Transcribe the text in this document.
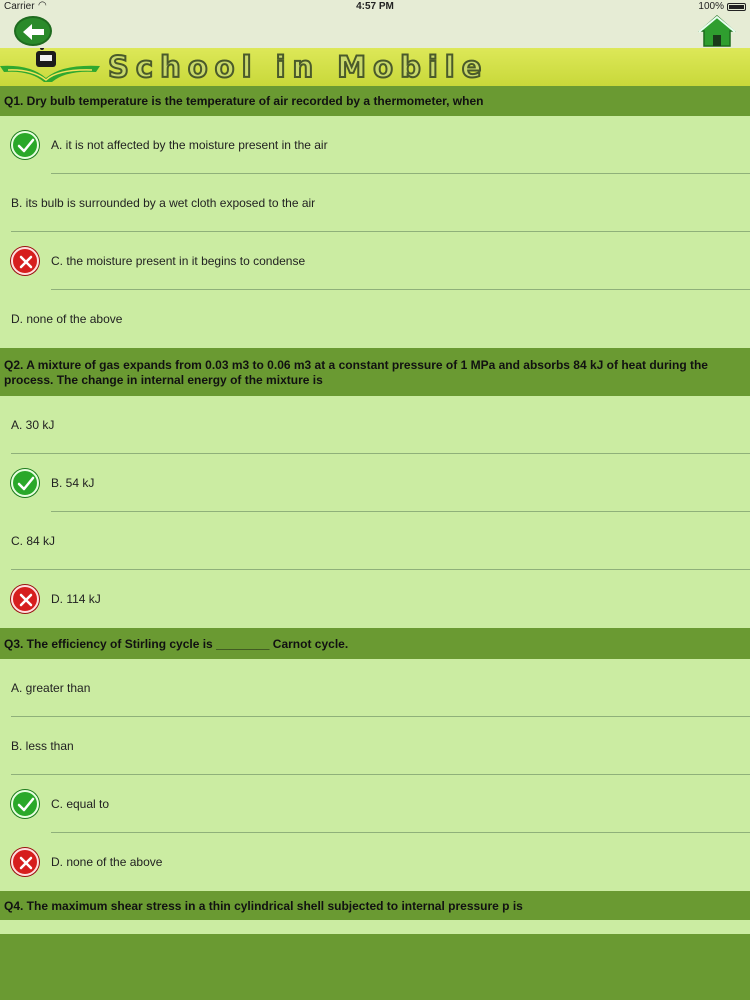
Carrier ◠	4:57 PM	100%
School in Mobile
Q1. Dry bulb temperature is the temperature of air recorded by a thermometer, when
A. it is not affected by the moisture present in the air
B. its bulb is surrounded by a wet cloth exposed to the air
C. the moisture present in it begins to condense
D. none of the above
Q2. A mixture of gas expands from 0.03 m3 to 0.06 m3 at a constant pressure of 1 MPa and absorbs 84 kJ of heat during the process. The change in internal energy of the mixture is
A. 30 kJ
B. 54 kJ
C. 84 kJ
D. 114 kJ
Q3. The efficiency of Stirling cycle is ________ Carnot cycle.
A. greater than
B. less than
C. equal to
D. none of the above
Q4. The maximum shear stress in a thin cylindrical shell subjected to internal pressure p is
